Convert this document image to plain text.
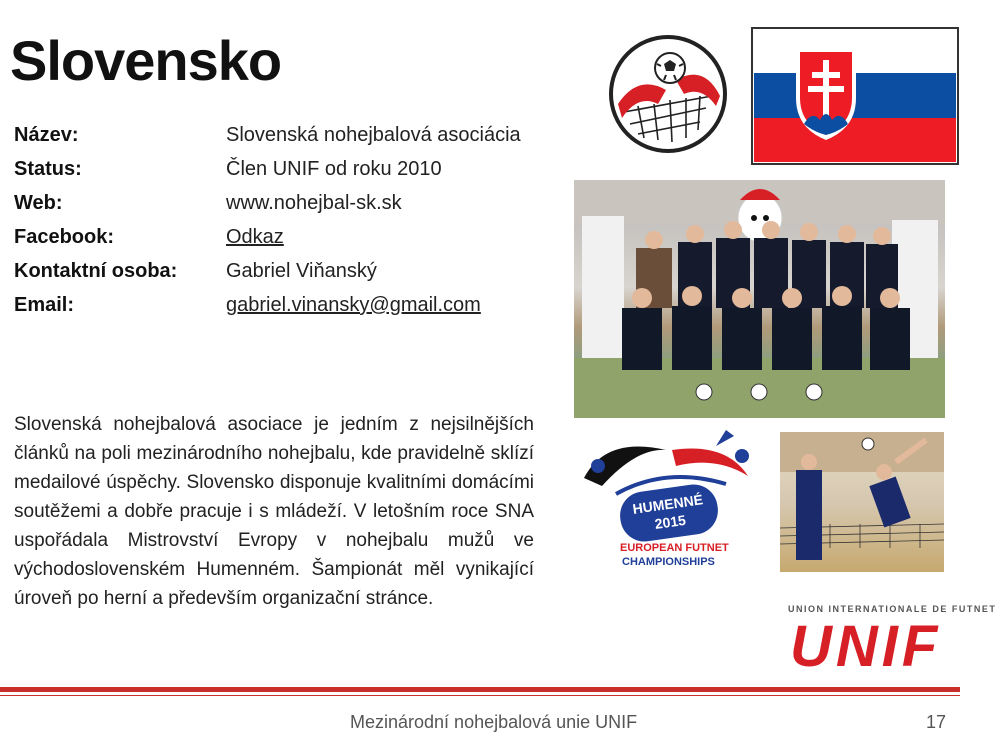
Slovensko
Název:	Slovenská nohejbalová asociácia
Status:	Člen UNIF od roku 2010
Web:	www.nohejbal-sk.sk
Facebook:	Odkaz
Kontaktní osoba:	Gabriel Viňanský
Email:	gabriel.vinansky@gmail.com
Slovenská nohejbalová asociace je jedním z nejsilnějších článků na poli mezinárodního nohejbalu, kde pravidelně sklízí medailové úspěchy. Slovensko disponuje kvalitními domácími soutěžemi a dobře pracuje i s mládeží. V letošním roce SNA uspořádala Mistrovství Evropy v nohejbalu mužů ve východoslovenském Humenném. Šampionát měl vynikající úroveň po herní a především organizační stránce.
HUMENNÉ
2015
EUROPEAN FUTNET
CHAMPIONSHIPS
UNION INTERNATIONALE DE FUTNET
UNIF
Mezinárodní nohejbalová unie UNIF	17
